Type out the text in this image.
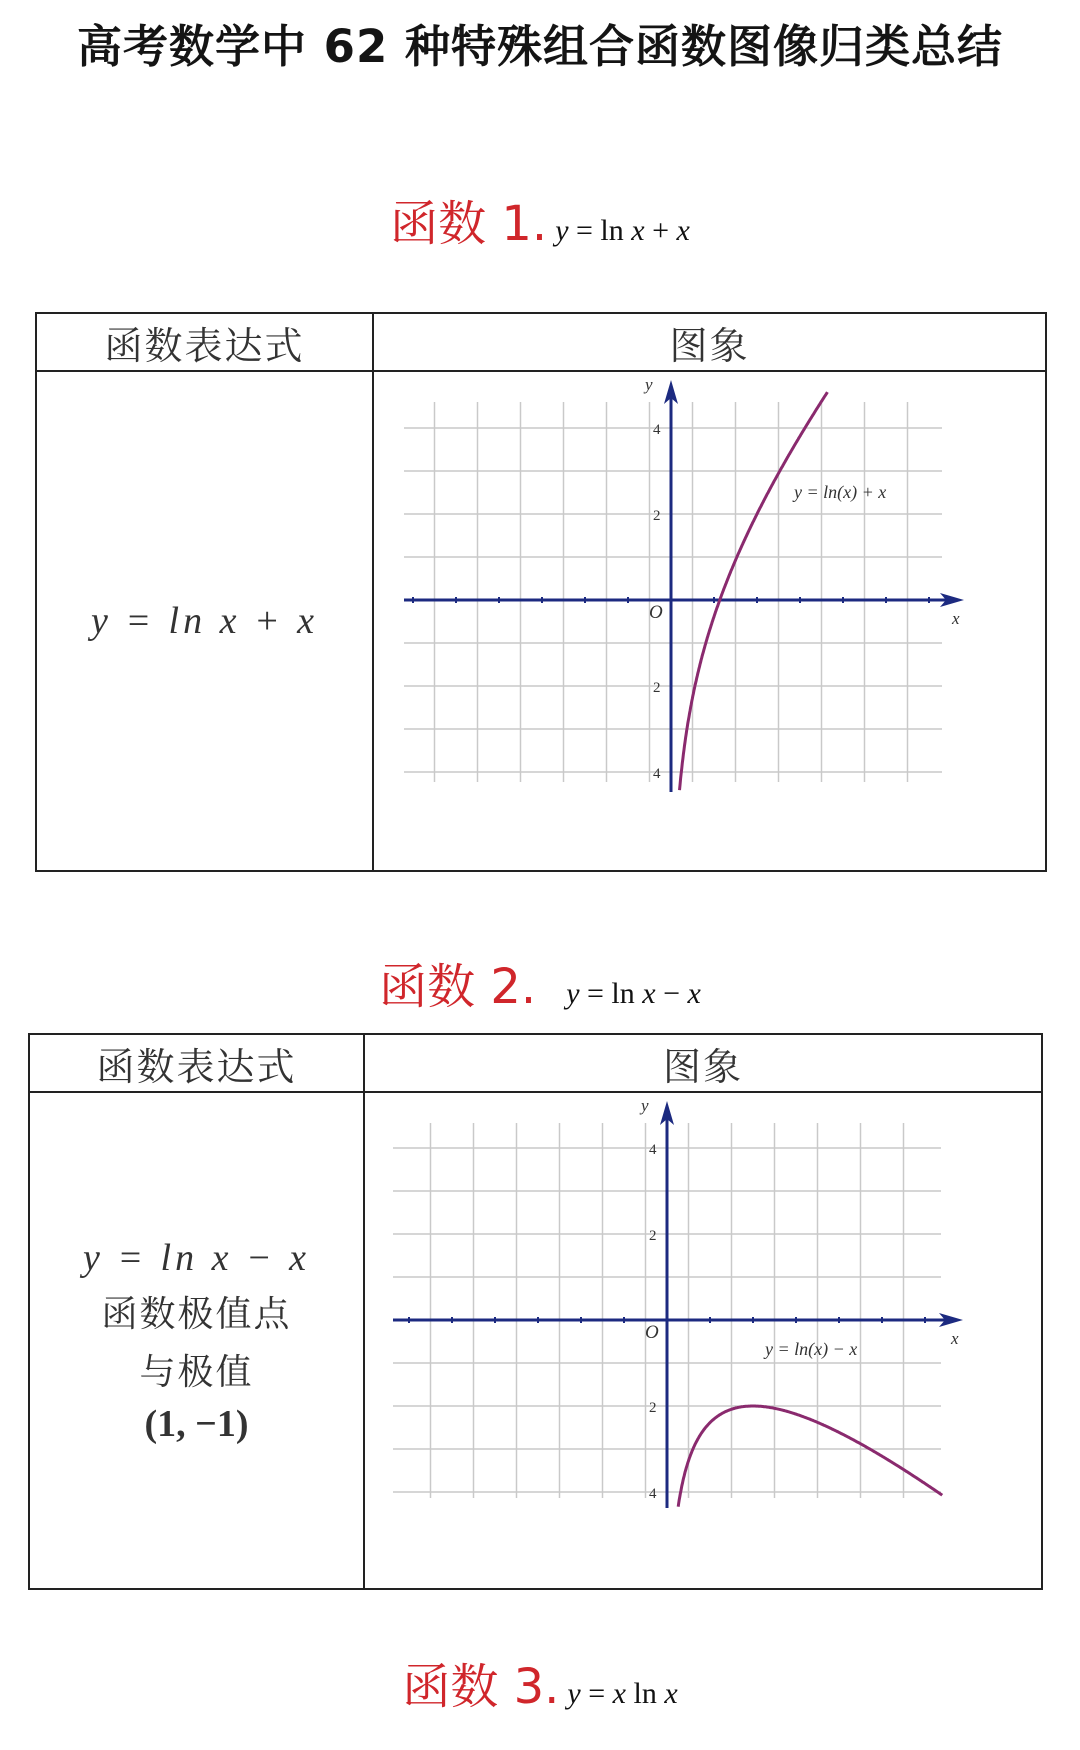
高考数学中 62 种特殊组合函数图像归类总结
函数 1. y = ln x + x
函数表达式	图象
y = ln x + x
y
x
O
4
2
2
4
y = ln(x) + x
函数 2. y = ln x − x
函数表达式	图象
y = ln x − x
函数极值点
与极值
(1, −1)
y
x
O
4
2
2
4
y = ln(x) − x
函数 3. y = x ln x
